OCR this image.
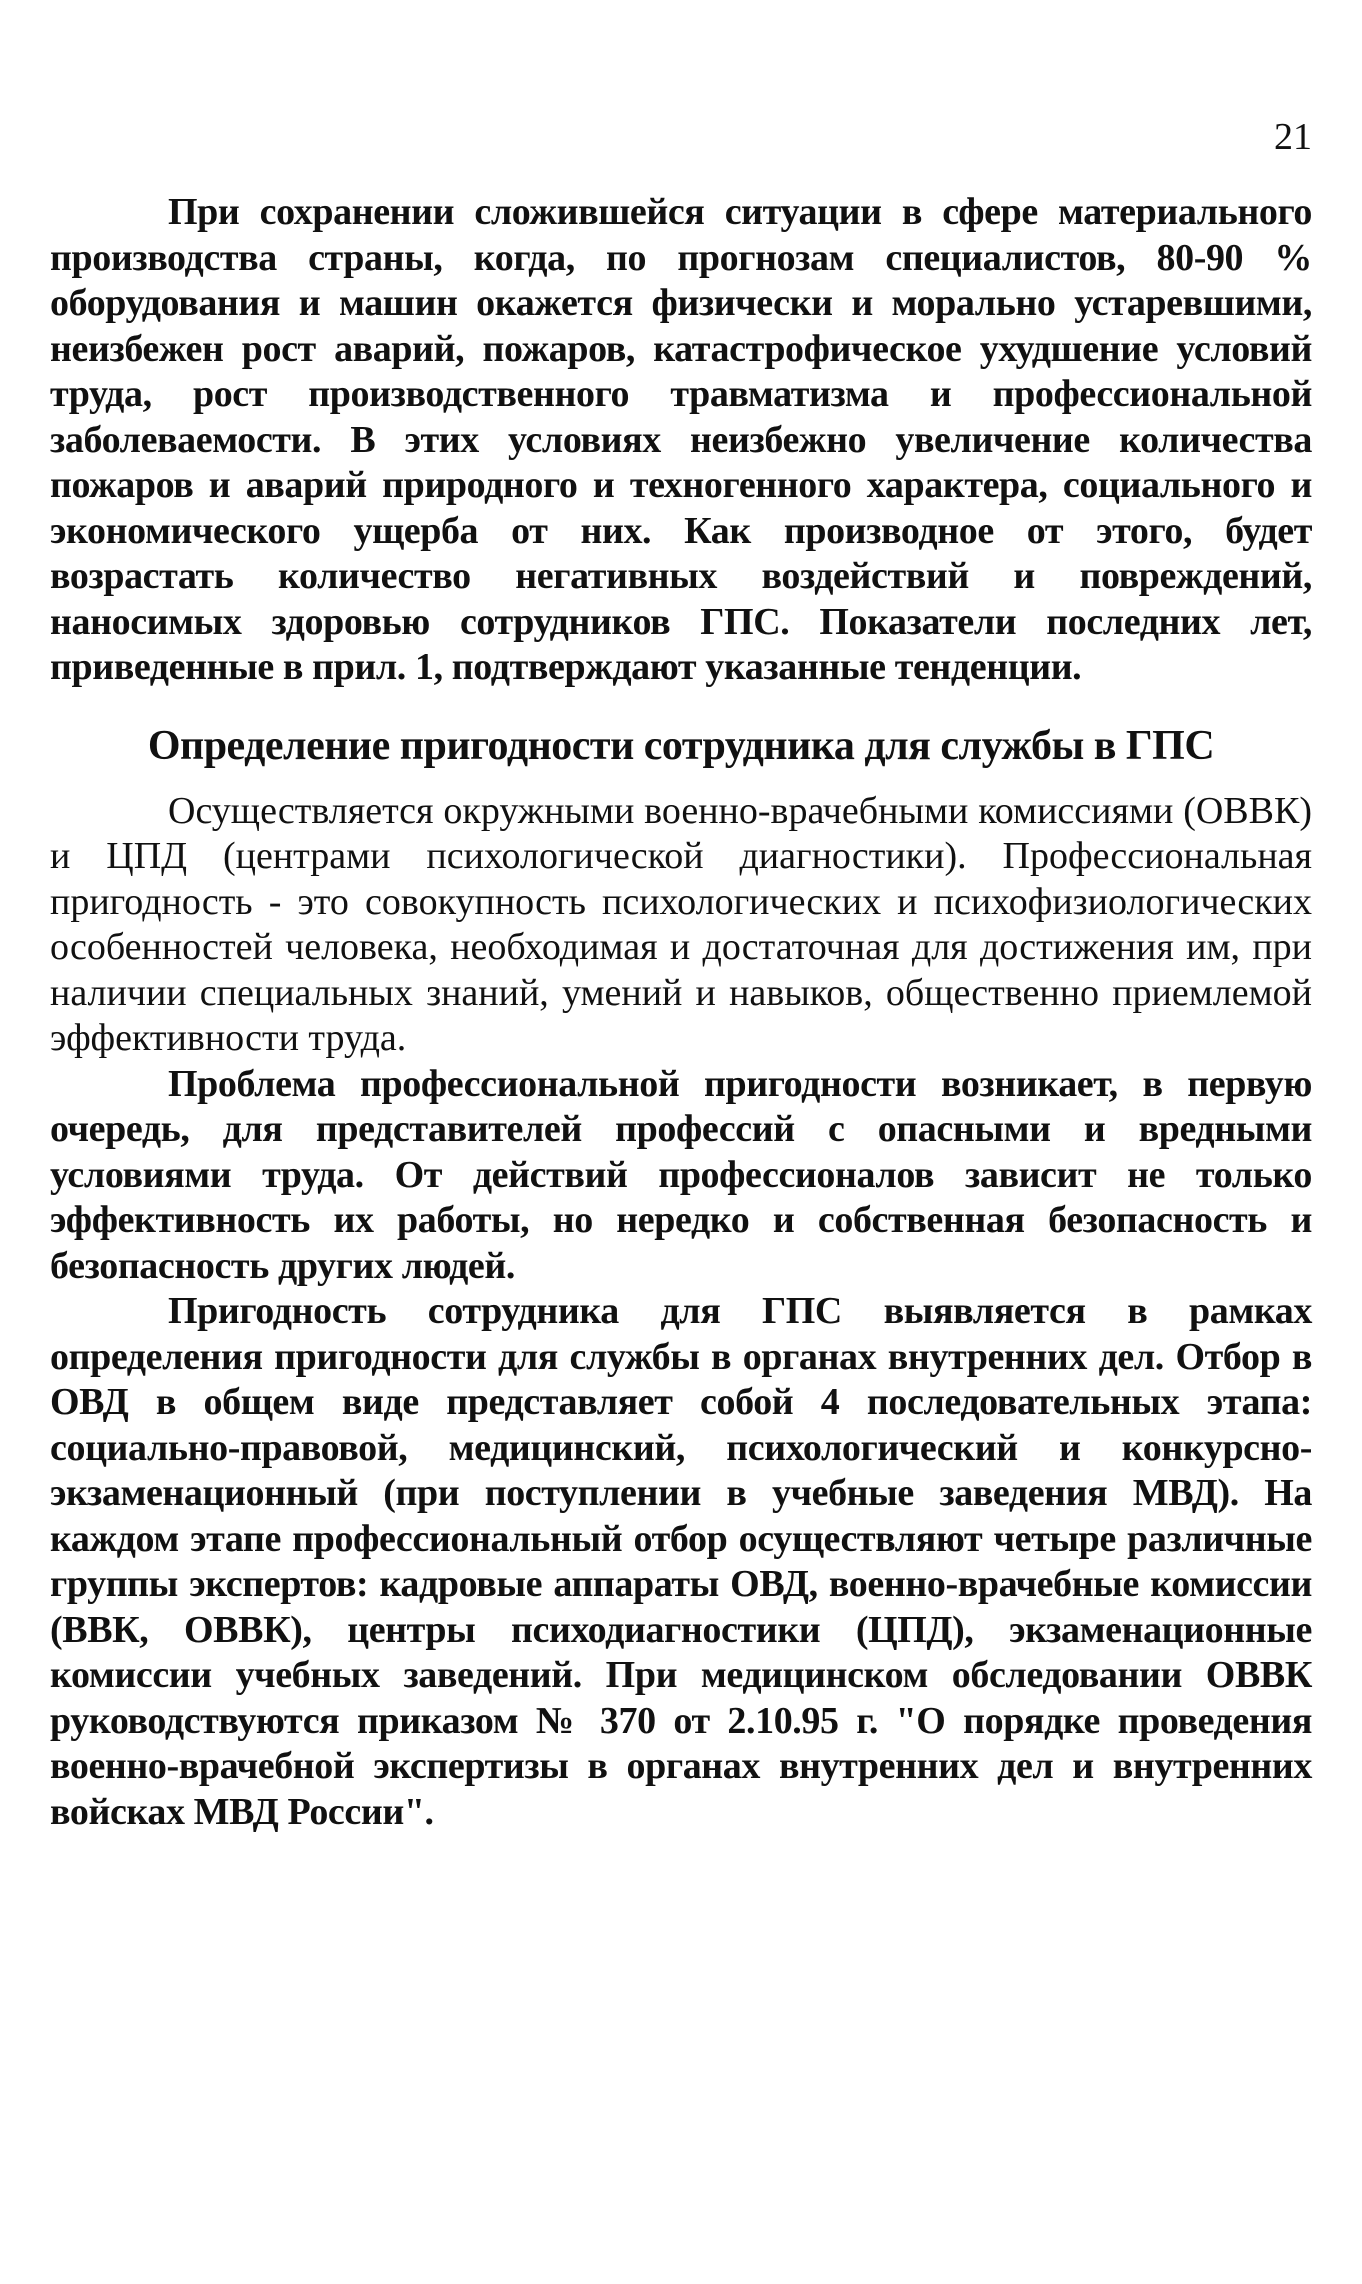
21

При сохранении сложившейся ситуации в сфере материального производства страны, когда, по прогнозам специалистов, 80-90 % оборудования и машин окажется физически и морально устаревшими, неизбежен рост аварий, пожаров, катастрофическое ухудшение условий труда, рост производственного травматизма и профессиональной заболеваемости. В этих условиях неизбежно увеличение количества пожаров и аварий природного и техногенного характера, социального и экономического ущерба от них. Как производное от этого, будет возрастать количество негативных воздействий и повреждений, наносимых здоровью сотрудников ГПС. Показатели последних лет, приведенные в прил. 1, подтверждают указанные тенденции.

Определение пригодности сотрудника для службы в ГПС

Осуществляется окружными военно-врачебными комиссиями (ОВВК) и ЦПД (центрами психологической диагностики). Профессиональная пригодность - это совокупность психологических и психофизиологических особенностей человека, необходимая и достаточная для достижения им, при наличии специальных знаний, умений и навыков, общественно приемлемой эффективности труда.

Проблема профессиональной пригодности возникает, в первую очередь, для представителей профессий с опасными и вредными условиями труда. От действий профессионалов зависит не только эффективность их работы, но нередко и собственная безопасность и безопасность других людей.

Пригодность сотрудника для ГПС выявляется в рамках определения пригодности для службы в органах внутренних дел. Отбор в ОВД в общем виде представляет собой 4 последовательных этапа: социально-правовой, медицинский, психологический и конкурсно-экзаменационный (при поступлении в учебные заведения МВД). На каждом этапе профессиональный отбор осуществляют четыре различные группы экспертов: кадровые аппараты ОВД, военно-врачебные комиссии (ВВК, ОВВК), центры психодиагностики (ЦПД), экзаменационные комиссии учебных заведений. При медицинском обследовании ОВВК руководствуются приказом № 370 от 2.10.95 г. "О порядке проведения военно-врачебной экспертизы в органах внутренних дел и внутренних войсках МВД России".
